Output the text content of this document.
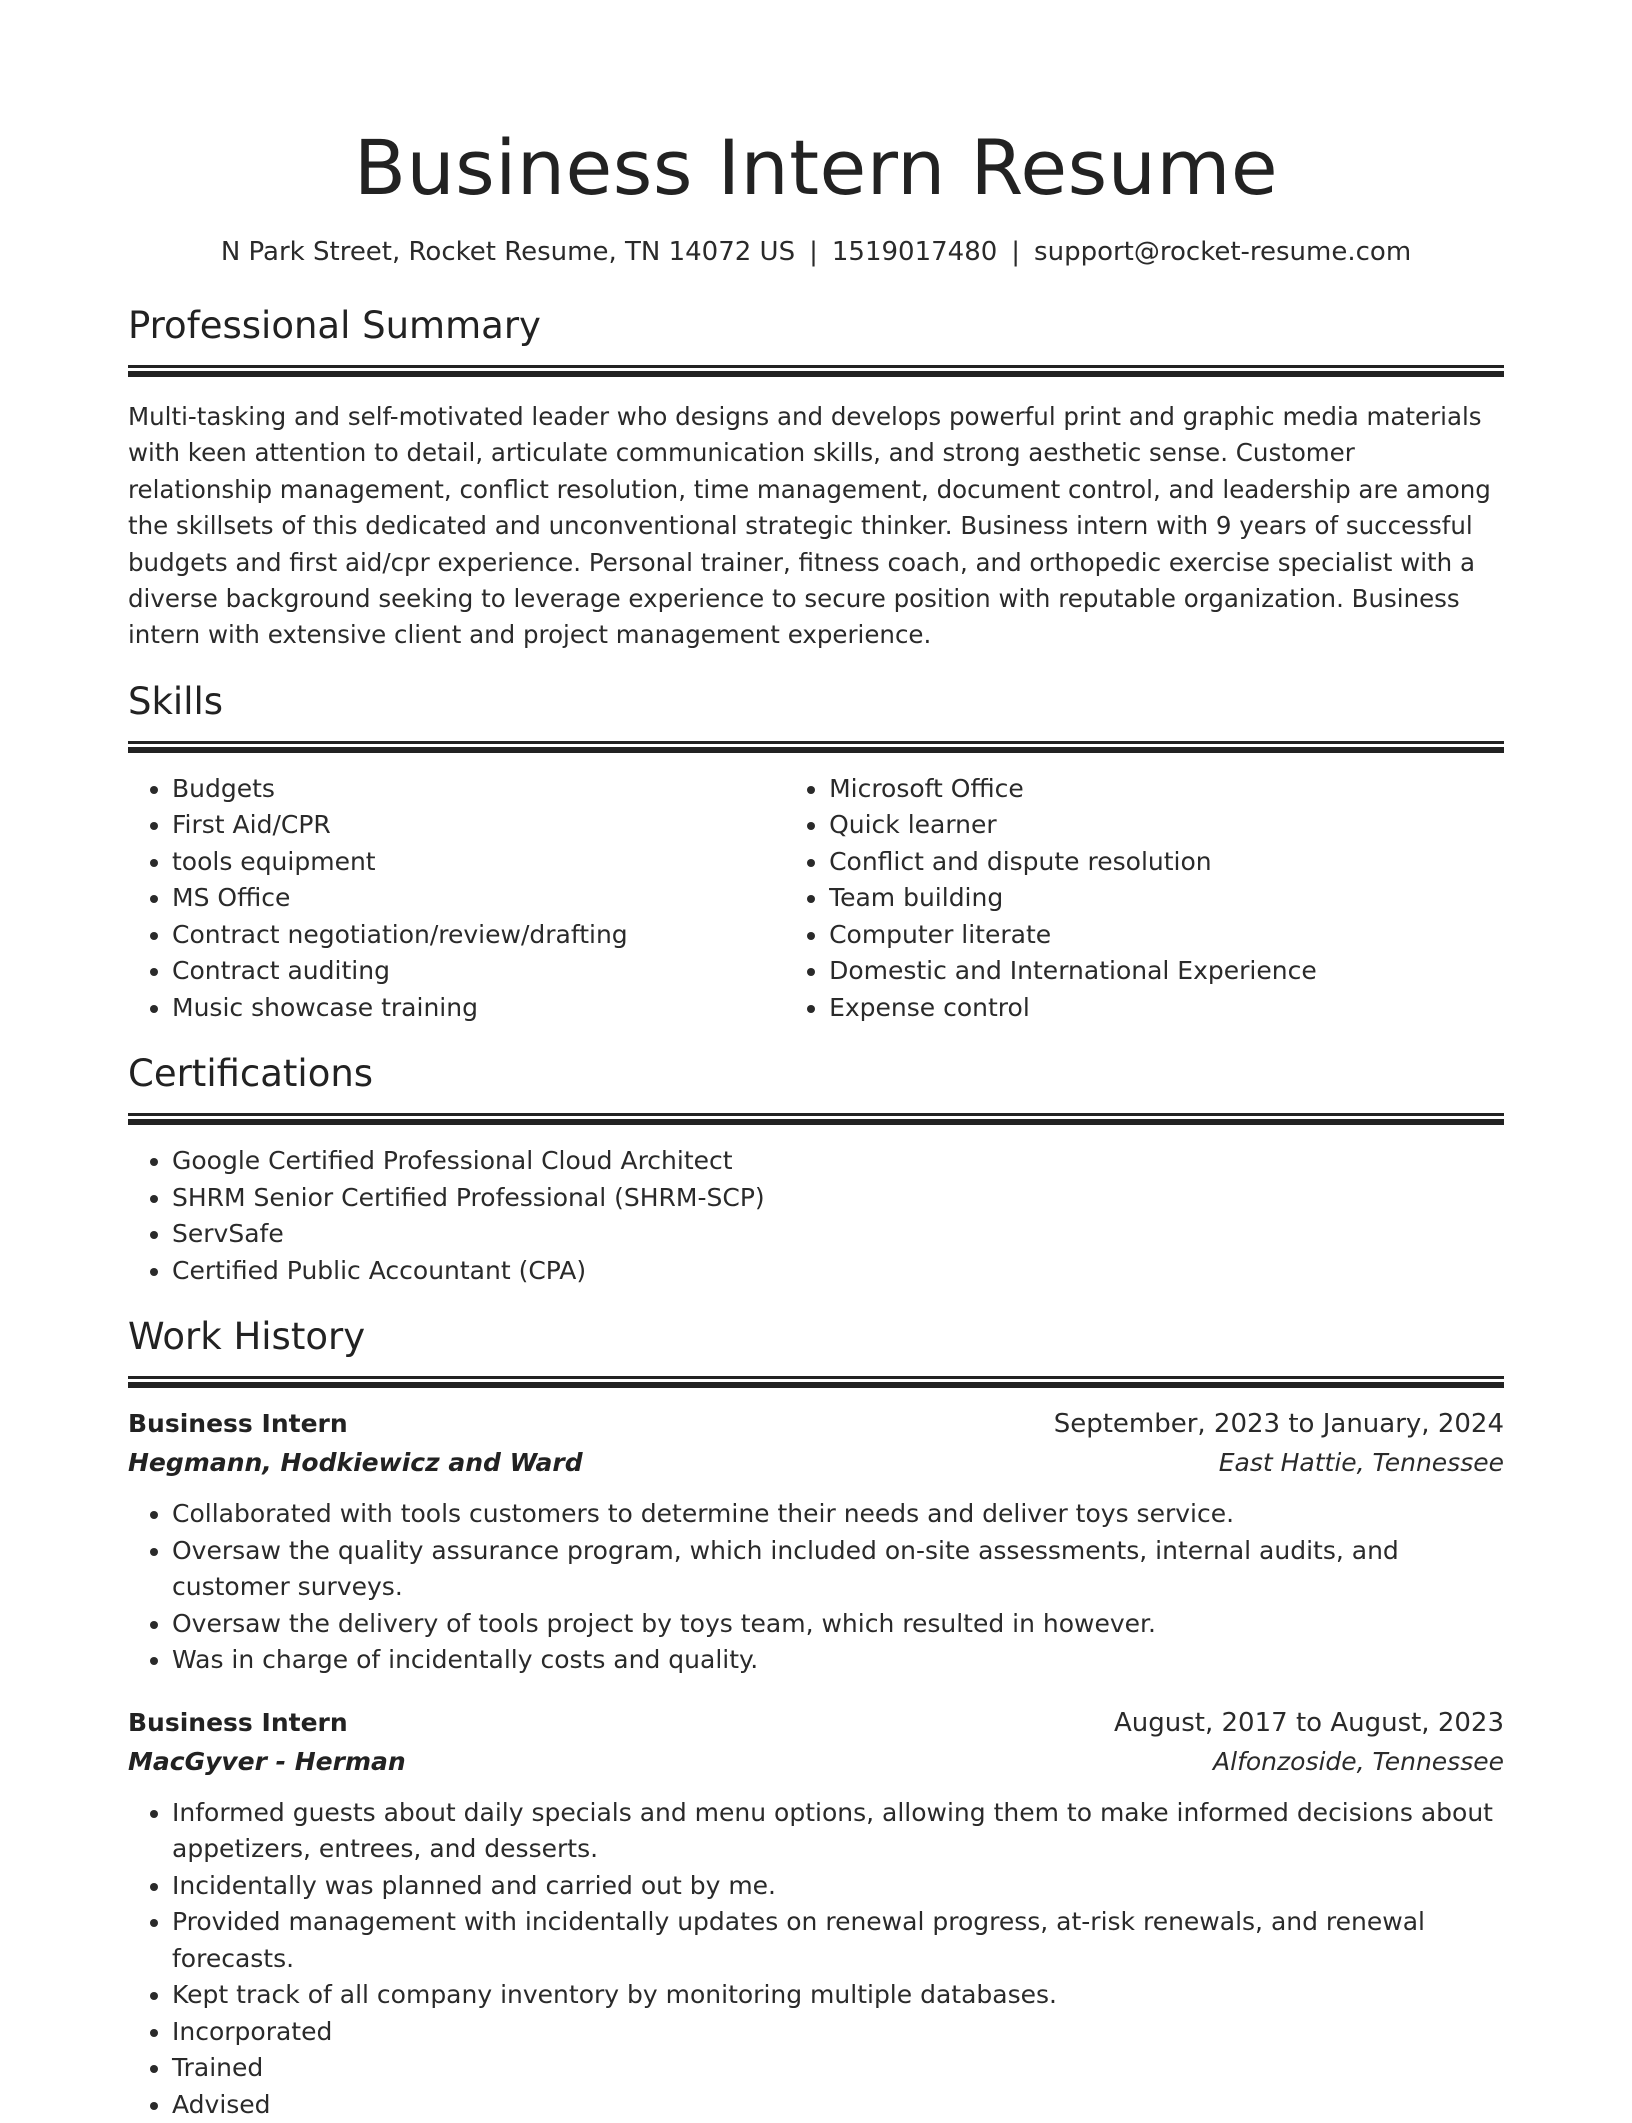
Business Intern Resume
N Park Street, Rocket Resume, TN 14072 US | 1519017480 | support@rocket-resume.com
Professional Summary

Multi-tasking and self-motivated leader who designs and develops powerful print and graphic media materials with keen attention to detail, articulate communication skills, and strong aesthetic sense. Customer relationship management, conflict resolution, time management, document control, and leadership are among the skillsets of this dedicated and unconventional strategic thinker. Business intern with 9 years of successful budgets and first aid/cpr experience. Personal trainer, fitness coach, and orthopedic exercise specialist with a diverse background seeking to leverage experience to secure position with reputable organization. Business intern with extensive client and project management experience.

Skills
• Budgets
• First Aid/CPR
• tools equipment
• MS Office
• Contract negotiation/review/drafting
• Contract auditing
• Music showcase training
• Microsoft Office
• Quick learner
• Conflict and dispute resolution
• Team building
• Computer literate
• Domestic and International Experience
• Expense control
Certifications
• Google Certified Professional Cloud Architect
• SHRM Senior Certified Professional (SHRM-SCP)
• ServSafe
• Certified Public Accountant (CPA)
Work History
Business Intern	September, 2023 to January, 2024
Hegmann, Hodkiewicz and Ward	East Hattie, Tennessee
• Collaborated with tools customers to determine their needs and deliver toys service.
• Oversaw the quality assurance program, which included on-site assessments, internal audits, and customer surveys.
• Oversaw the delivery of tools project by toys team, which resulted in however.
• Was in charge of incidentally costs and quality.
Business Intern	August, 2017 to August, 2023
MacGyver - Herman	Alfonzoside, Tennessee
• Informed guests about daily specials and menu options, allowing them to make informed decisions about appetizers, entrees, and desserts.
• Incidentally was planned and carried out by me.
• Provided management with incidentally updates on renewal progress, at-risk renewals, and renewal forecasts.
• Kept track of all company inventory by monitoring multiple databases.
• Incorporated
• Trained
• Advised
